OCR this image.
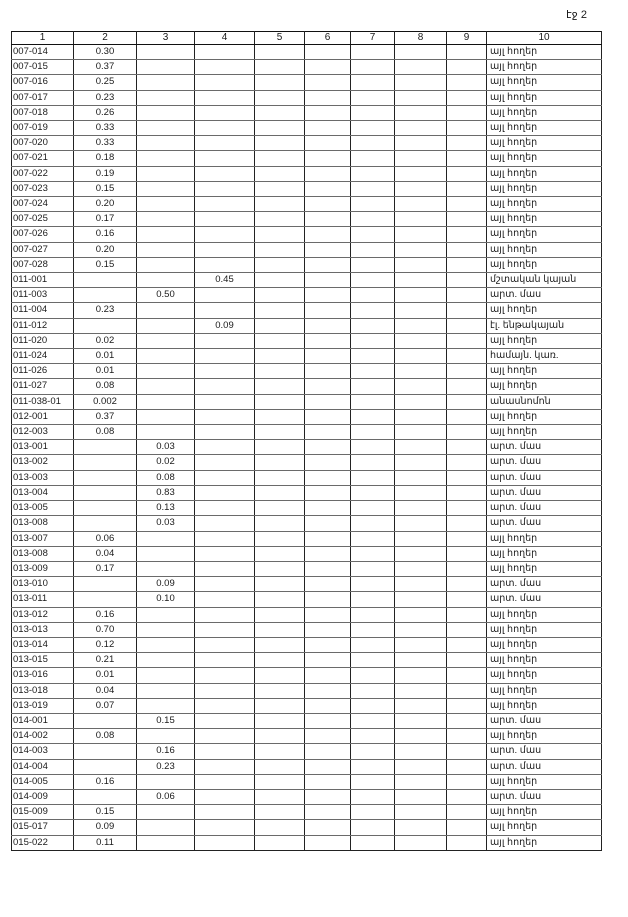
էջ 2
1	2	3	4	5	6	7	8	9	10
007-014	0.30								այլ հողեր
007-015	0.37								այլ հողեր
007-016	0.25								այլ հողեր
007-017	0.23								այլ հողեր
007-018	0.26								այլ հողեր
007-019	0.33								այլ հողեր
007-020	0.33								այլ հողեր
007-021	0.18								այլ հողեր
007-022	0.19								այլ հողեր
007-023	0.15								այլ հողեր
007-024	0.20								այլ հողեր
007-025	0.17								այլ հողեր
007-026	0.16								այլ հողեր
007-027	0.20								այլ հողեր
007-028	0.15								այլ հողեր
011-001			0.45						մշտական կայան
011-003		0.50							արտ. մաս
011-004	0.23								այլ հողեր
011-012			0.09						էլ. ենթակայան
011-020	0.02								այլ հողեր
011-024	0.01								համայն. կառ.
011-026	0.01								այլ հողեր
011-027	0.08								այլ հողեր
011-038-01	0.002								անասնոմոն
012-001	0.37								այլ հողեր
012-003	0.08								այլ հողեր
013-001		0.03							արտ. մաս
013-002		0.02							արտ. մաս
013-003		0.08							արտ. մաս
013-004		0.83							արտ. մաս
013-005		0.13							արտ. մաս
013-008		0.03							արտ. մաս
013-007	0.06								այլ հողեր
013-008	0.04								այլ հողեր
013-009	0.17								այլ հողեր
013-010		0.09							արտ. մաս
013-011		0.10							արտ. մաս
013-012	0.16								այլ հողեր
013-013	0.70								այլ հողեր
013-014	0.12								այլ հողեր
013-015	0.21								այլ հողեր
013-016	0.01								այլ հողեր
013-018	0.04								այլ հողեր
013-019	0.07								այլ հողեր
014-001		0.15							արտ. մաս
014-002	0.08								այլ հողեր
014-003		0.16							արտ. մաս
014-004		0.23							արտ. մաս
014-005	0.16								այլ հողեր
014-009		0.06							արտ. մաս
015-009	0.15								այլ հողեր
015-017	0.09								այլ հողեր
015-022	0.11								այլ հողեր
